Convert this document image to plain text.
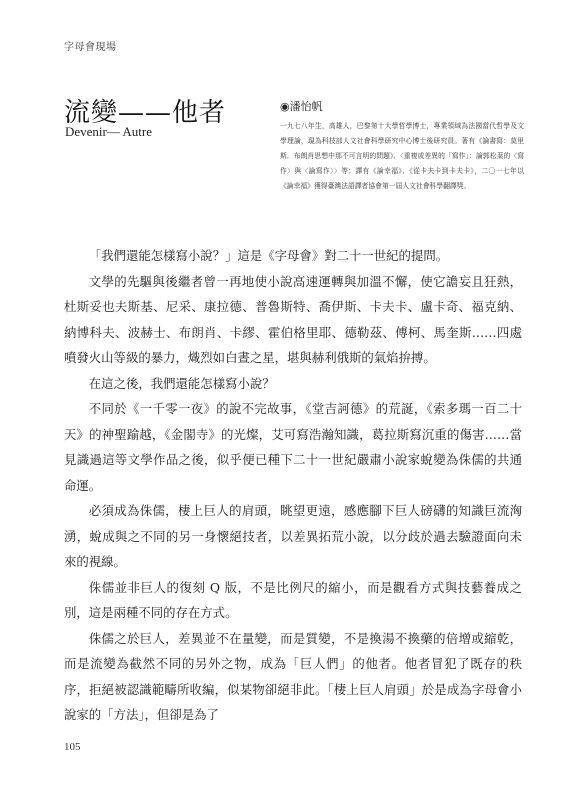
字母會現場
流變——他者
Devenir— Autre
◉潘怡帆

一九七八年生，高雄人，巴黎第十大學哲學博士，專業領域為法國當代哲學及文學理論，現為科技部人文社會科學研究中心博士後研究員。著有《論書寫：莫里斯．布朗肖思想中那不可言明的問題》、〈重複或差異的「寫作」：論郭松棻的〈寫作〉與〈論寫作〉〉等；譯有《論幸福》、《從卡夫卡到卡夫卡》，二〇一七年以《論幸福》獲得臺灣法語譯者協會第一屆人文社會科學翻譯獎。

「我們還能怎樣寫小說？」這是《字母會》對二十一世紀的提問。

文學的先驅與後繼者曾一再地使小說高速運轉與加溫不懈，使它譫妄且狂熱，杜斯妥也夫斯基、尼采、康拉德、普魯斯特、喬伊斯、卡夫卡、盧卡奇、福克納、納博科夫、波赫士、布朗肖、卡繆、霍伯格里耶、德勒茲、傅柯、馬奎斯……四處噴發火山等級的暴力，熾烈如白晝之星，堪與赫利俄斯的氣焰拚搏。

在這之後，我們還能怎樣寫小說？

不同於《一千零一夜》的說不完故事，《堂吉訶德》的荒誕，《索多瑪一百二十天》的神聖踰越，《金閣寺》的光燦，艾可寫浩瀚知識，葛拉斯寫沉重的傷害……當見識過這等文學作品之後，似乎便已種下二十一世紀嚴肅小說家蛻變為侏儒的共通命運。

必須成為侏儒，棲上巨人的肩頭，眺望更遠，感應腳下巨人磅礴的知識巨流洶湧，蛻成與之不同的另一身懷絕技者，以差異拓荒小說，以分歧於過去驗證面向未來的視線。

侏儒並非巨人的復刻 Q 版，不是比例尺的縮小，而是觀看方式與技藝養成之別，這是兩種不同的存在方式。

侏儒之於巨人，差異並不在量變，而是質變，不是換湯不換藥的倍增或縮乾，而是流變為截然不同的另外之物，成為「巨人們」的他者。他者冒犯了既存的秩序，拒絕被認識範疇所收編，似某物卻絕非此。「棲上巨人肩頭」於是成為字母會小說家的「方法」，但卻是為了

105
